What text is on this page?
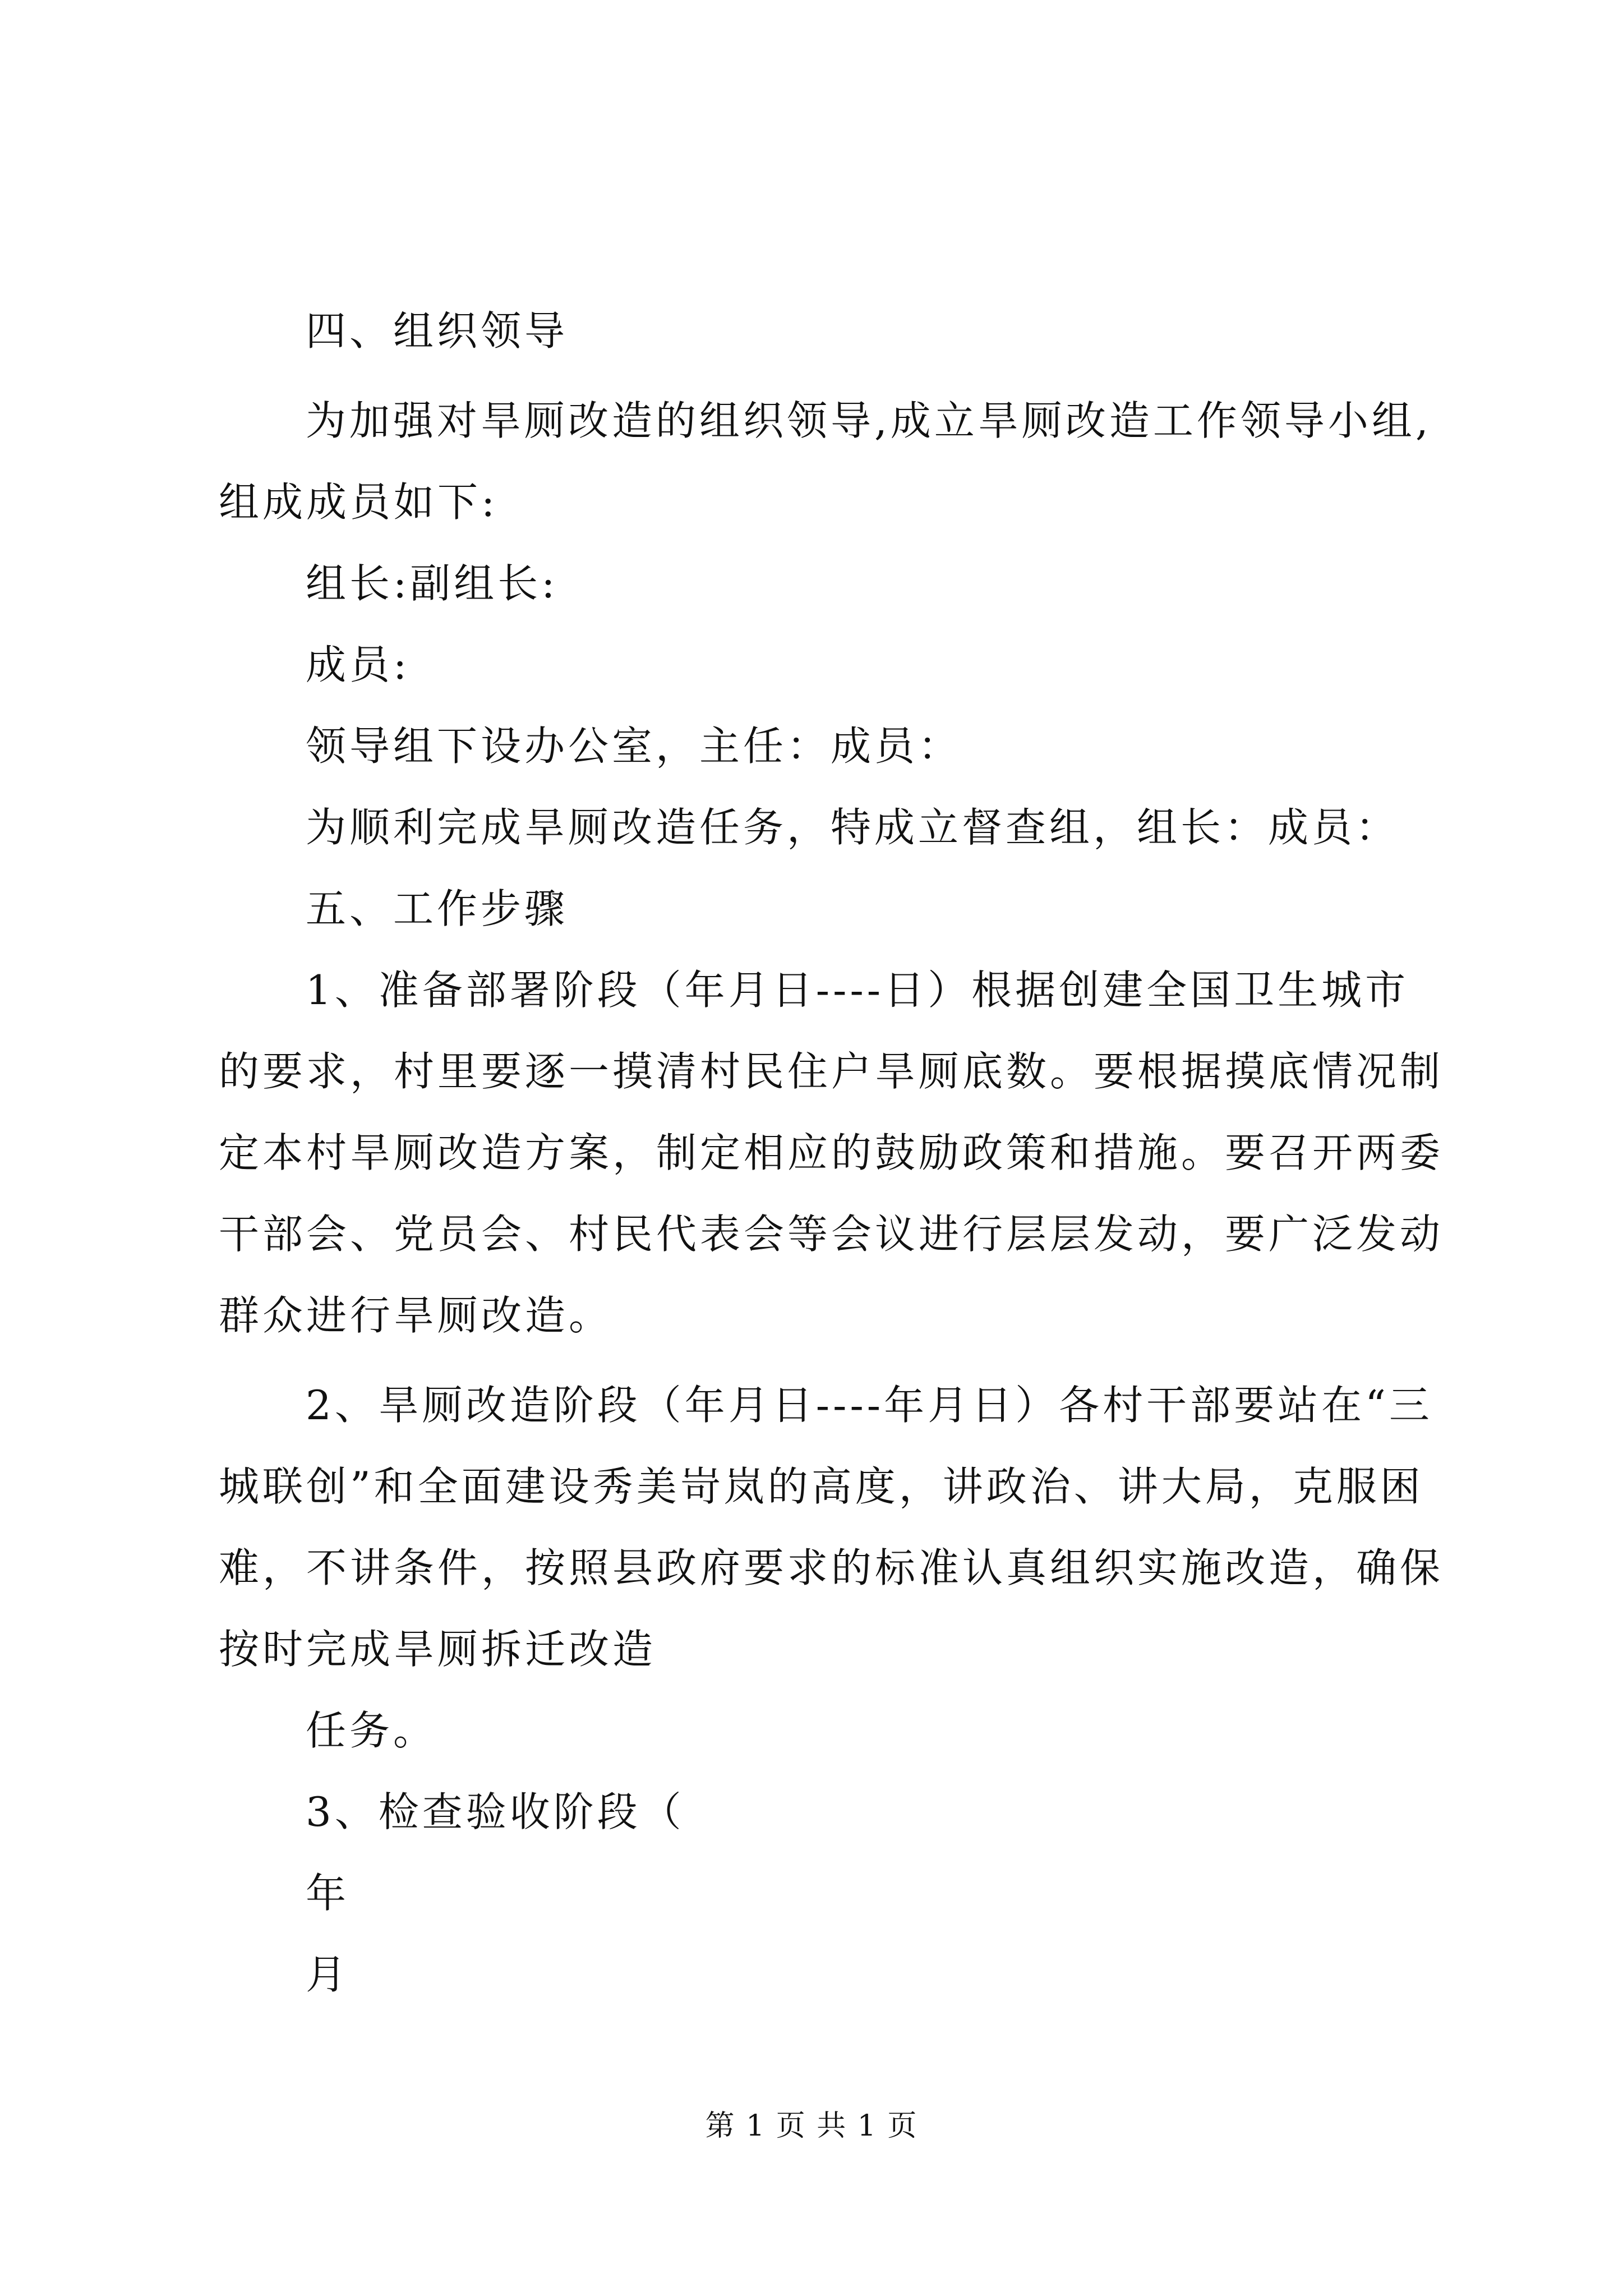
四、组织领导
为加强对旱厕改造的组织领导,成立旱厕改造工作领导小组,
组成成员如下:
组长:副组长:
成员:
领导组下设办公室，主任：成员：
为顺利完成旱厕改造任务，特成立督查组，组长：成员：
五、工作步骤
1、准备部署阶段（年月日----日）根据创建全国卫生城市
的要求，村里要逐一摸清村民住户旱厕底数。要根据摸底情况制
定本村旱厕改造方案，制定相应的鼓励政策和措施。要召开两委
干部会、党员会、村民代表会等会议进行层层发动，要广泛发动
群众进行旱厕改造。
2、旱厕改造阶段（年月日----年月日）各村干部要站在“三
城联创”和全面建设秀美岢岚的高度，讲政治、讲大局，克服困
难，不讲条件，按照县政府要求的标准认真组织实施改造，确保
按时完成旱厕拆迁改造
任务。
3、检查验收阶段（
年
月
第 1 页 共 1 页
